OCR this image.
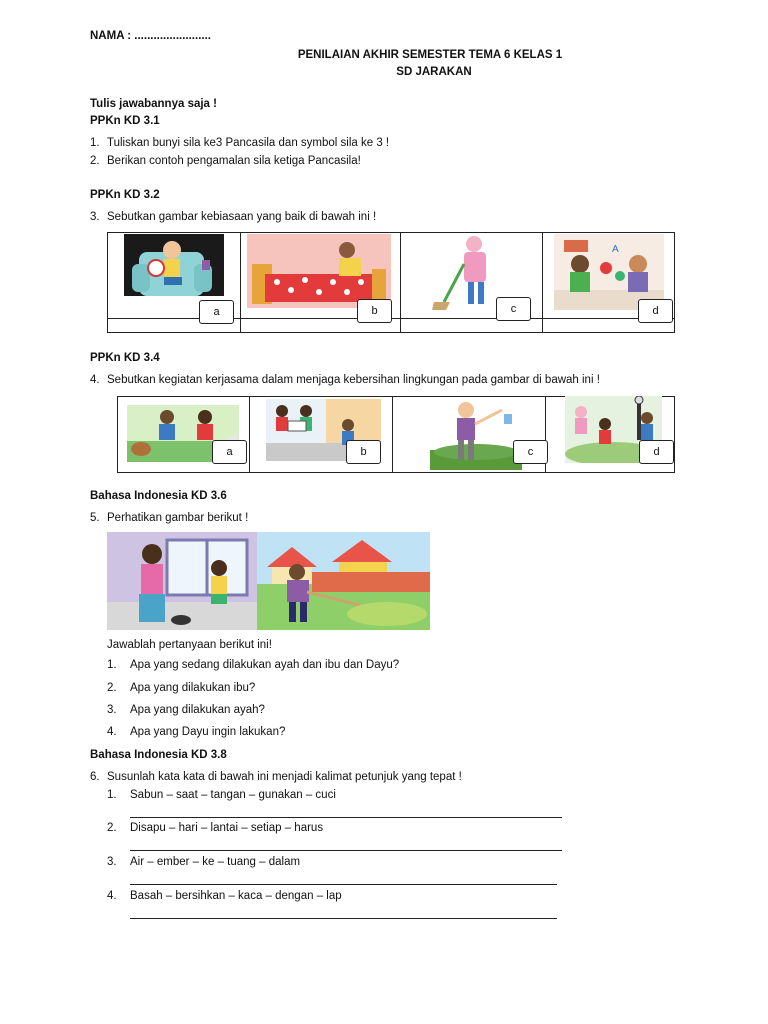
NAMA : ........................
PENILAIAN AKHIR SEMESTER TEMA 6 KELAS 1
SD JARAKAN
Tulis jawabannya saja !
PPKn KD 3.1
1. Tuliskan bunyi sila ke3 Pancasila dan symbol sila ke 3 !
2. Berikan contoh pengamalan sila ketiga Pancasila!
PPKn KD 3.2
3. Sebutkan gambar kebiasaan yang baik di bawah ini !
A
a	b	c	d
PPKn KD 3.4
4. Sebutkan kegiatan kerjasama dalam menjaga kebersihan lingkungan pada gambar di bawah ini !
a	b	c	d
Bahasa Indonesia KD 3.6
5. Perhatikan gambar berikut !
Jawablah pertanyaan berikut ini!
1. Apa yang sedang dilakukan ayah dan ibu dan Dayu?
2. Apa yang dilakukan ibu?
3. Apa yang dilakukan ayah?
4. Apa yang Dayu ingin lakukan?
Bahasa Indonesia KD 3.8
6. Susunlah kata kata di bawah ini menjadi kalimat petunjuk yang tepat !
1. Sabun – saat – tangan – gunakan – cuci
2. Disapu – hari – lantai – setiap – harus
3. Air – ember – ke – tuang – dalam
4. Basah – bersihkan – kaca – dengan – lap
